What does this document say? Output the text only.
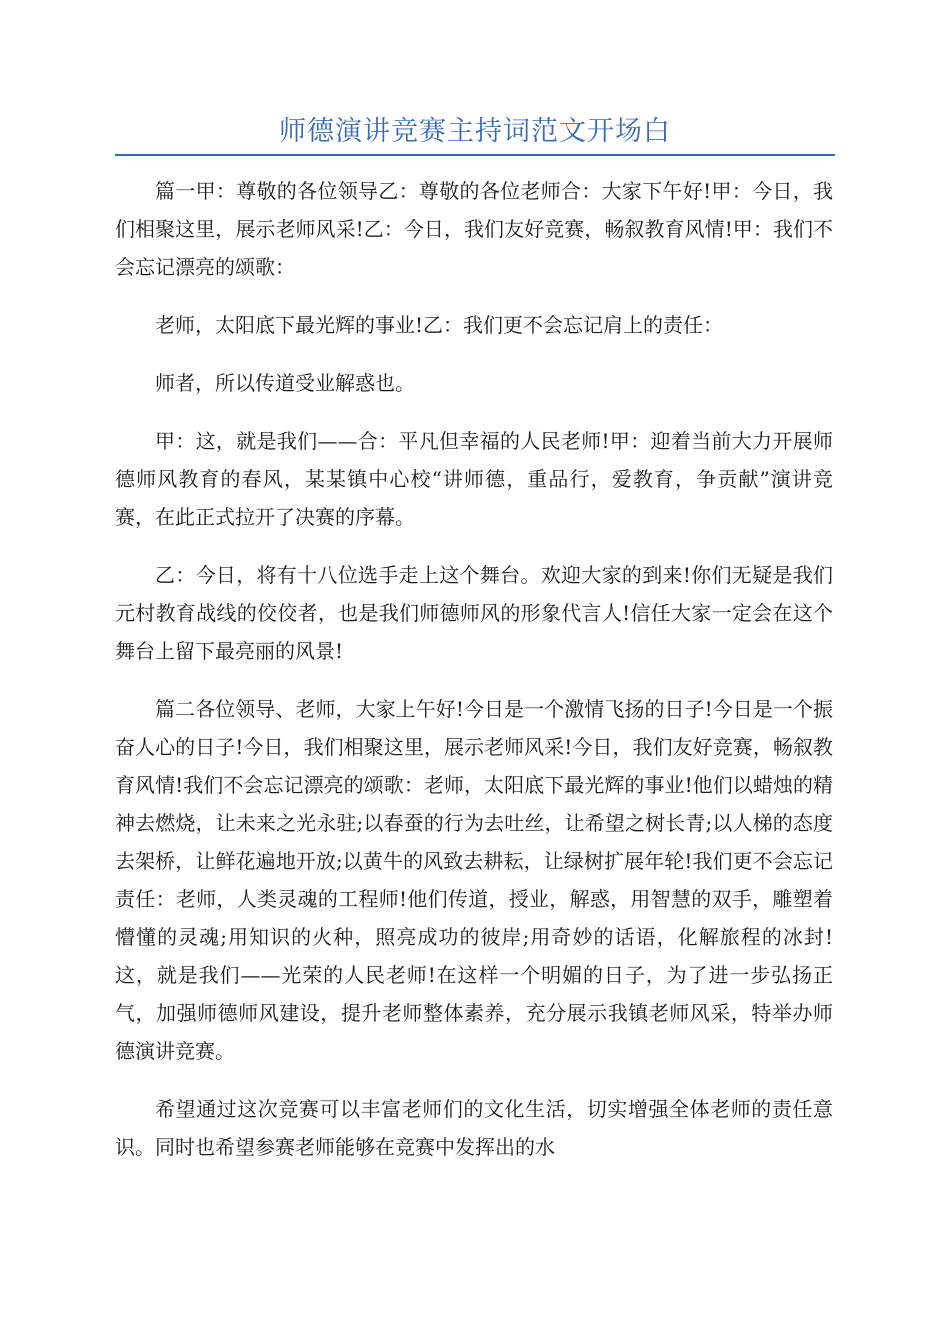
师德演讲竞赛主持词范文开场白

篇一甲：尊敬的各位领导乙：尊敬的各位老师合：大家下午好!甲：今日，我们相聚这里，展示老师风采!乙：今日，我们友好竞赛，畅叙教育风情!甲：我们不会忘记漂亮的颂歌：

老师，太阳底下最光辉的事业!乙：我们更不会忘记肩上的责任：

师者，所以传道受业解惑也。

甲：这，就是我们——合：平凡但幸福的人民老师!甲：迎着当前大力开展师德师风教育的春风，某某镇中心校“讲师德，重品行，爱教育，争贡献”演讲竞赛，在此正式拉开了决赛的序幕。

乙：今日，将有十八位选手走上这个舞台。欢迎大家的到来!你们无疑是我们元村教育战线的佼佼者，也是我们师德师风的形象代言人!信任大家一定会在这个舞台上留下最亮丽的风景!

篇二各位领导、老师，大家上午好!今日是一个激情飞扬的日子!今日是一个振奋人心的日子!今日，我们相聚这里，展示老师风采!今日，我们友好竞赛，畅叙教育风情!我们不会忘记漂亮的颂歌：老师，太阳底下最光辉的事业!他们以蜡烛的精神去燃烧，让未来之光永驻;以春蚕的行为去吐丝，让希望之树长青;以人梯的态度去架桥，让鲜花遍地开放;以黄牛的风致去耕耘，让绿树扩展年轮!我们更不会忘记责任：老师，人类灵魂的工程师!他们传道，授业，解惑，用智慧的双手，雕塑着懵懂的灵魂;用知识的火种，照亮成功的彼岸;用奇妙的话语，化解旅程的冰封!这，就是我们——光荣的人民老师!在这样一个明媚的日子，为了进一步弘扬正气，加强师德师风建设，提升老师整体素养，充分展示我镇老师风采，特举办师德演讲竞赛。

希望通过这次竞赛可以丰富老师们的文化生活，切实增强全体老师的责任意识。同时也希望参赛老师能够在竞赛中发挥出的水
